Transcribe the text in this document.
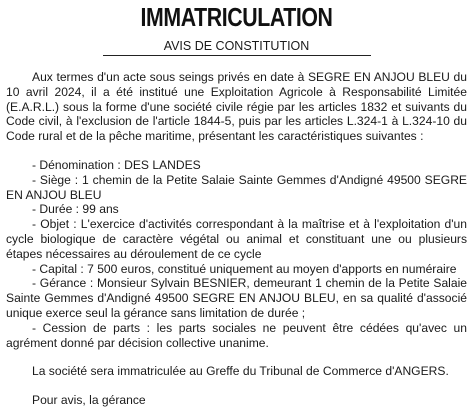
IMMATRICULATION
AVIS DE CONSTITUTION

Aux termes d'un acte sous seings privés en date à SEGRE EN ANJOU BLEU du 10 avril 2024, il a été institué une Exploitation Agricole à Responsabilité Limitée (E.A.R.L.) sous la forme d'une société civile régie par les articles 1832 et suivants du Code civil, à l'exclusion de l'article 1844-5, puis par les articles L.324-1 à L.324-10 du Code rural et de la pêche maritime, présentant les caractéristiques suivantes :

- Dénomination : DES LANDES

- Siège : 1 chemin de la Petite Salaie Sainte Gemmes d'Andigné 49500 SEGRE EN ANJOU BLEU

- Durée : 99 ans

- Objet : L'exercice d'activités correspondant à la maîtrise et à l'exploitation d'un cycle biologique de caractère végétal ou animal et constituant une ou plusieurs étapes nécessaires au déroulement de ce cycle

- Capital : 7 500 euros, constitué uniquement au moyen d'apports en numéraire

- Gérance : Monsieur Sylvain BESNIER, demeurant 1 chemin de la Petite Salaie Sainte Gemmes d'Andigné 49500 SEGRE EN ANJOU BLEU, en sa qualité d'associé unique exerce seul la gérance sans limitation de durée ;

- Cession de parts : les parts sociales ne peuvent être cédées qu'avec un agrément donné par décision collective unanime.

La société sera immatriculée au Greffe du Tribunal de Commerce d'ANGERS.

Pour avis, la gérance
